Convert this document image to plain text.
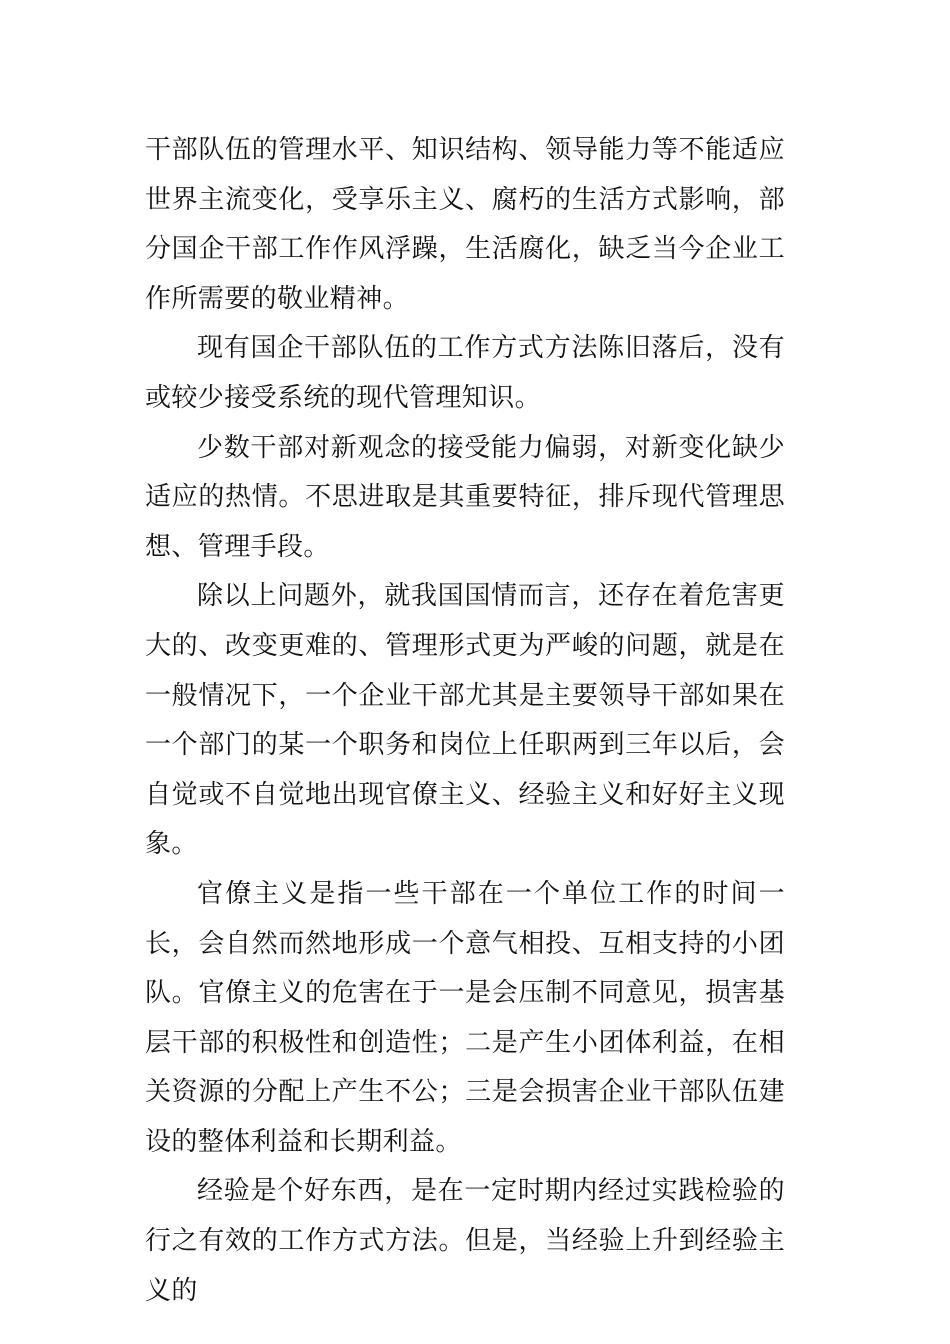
干部队伍的管理水平、知识结构、领导能力等不能适应世界主流变化，受享乐主义、腐朽的生活方式影响，部分国企干部工作作风浮躁，生活腐化，缺乏当今企业工作所需要的敬业精神。

现有国企干部队伍的工作方式方法陈旧落后，没有或较少接受系统的现代管理知识。

少数干部对新观念的接受能力偏弱，对新变化缺少适应的热情。不思进取是其重要特征，排斥现代管理思想、管理手段。

除以上问题外，就我国国情而言，还存在着危害更大的、改变更难的、管理形式更为严峻的问题，就是在一般情况下，一个企业干部尤其是主要领导干部如果在一个部门的某一个职务和岗位上任职两到三年以后，会自觉或不自觉地出现官僚主义、经验主义和好好主义现象。

官僚主义是指一些干部在一个单位工作的时间一长，会自然而然地形成一个意气相投、互相支持的小团队。官僚主义的危害在于一是会压制不同意见，损害基层干部的积极性和创造性；二是产生小团体利益，在相关资源的分配上产生不公；三是会损害企业干部队伍建设的整体利益和长期利益。

经验是个好东西，是在一定时期内经过实践检验的行之有效的工作方式方法。但是，当经验上升到经验主义的
